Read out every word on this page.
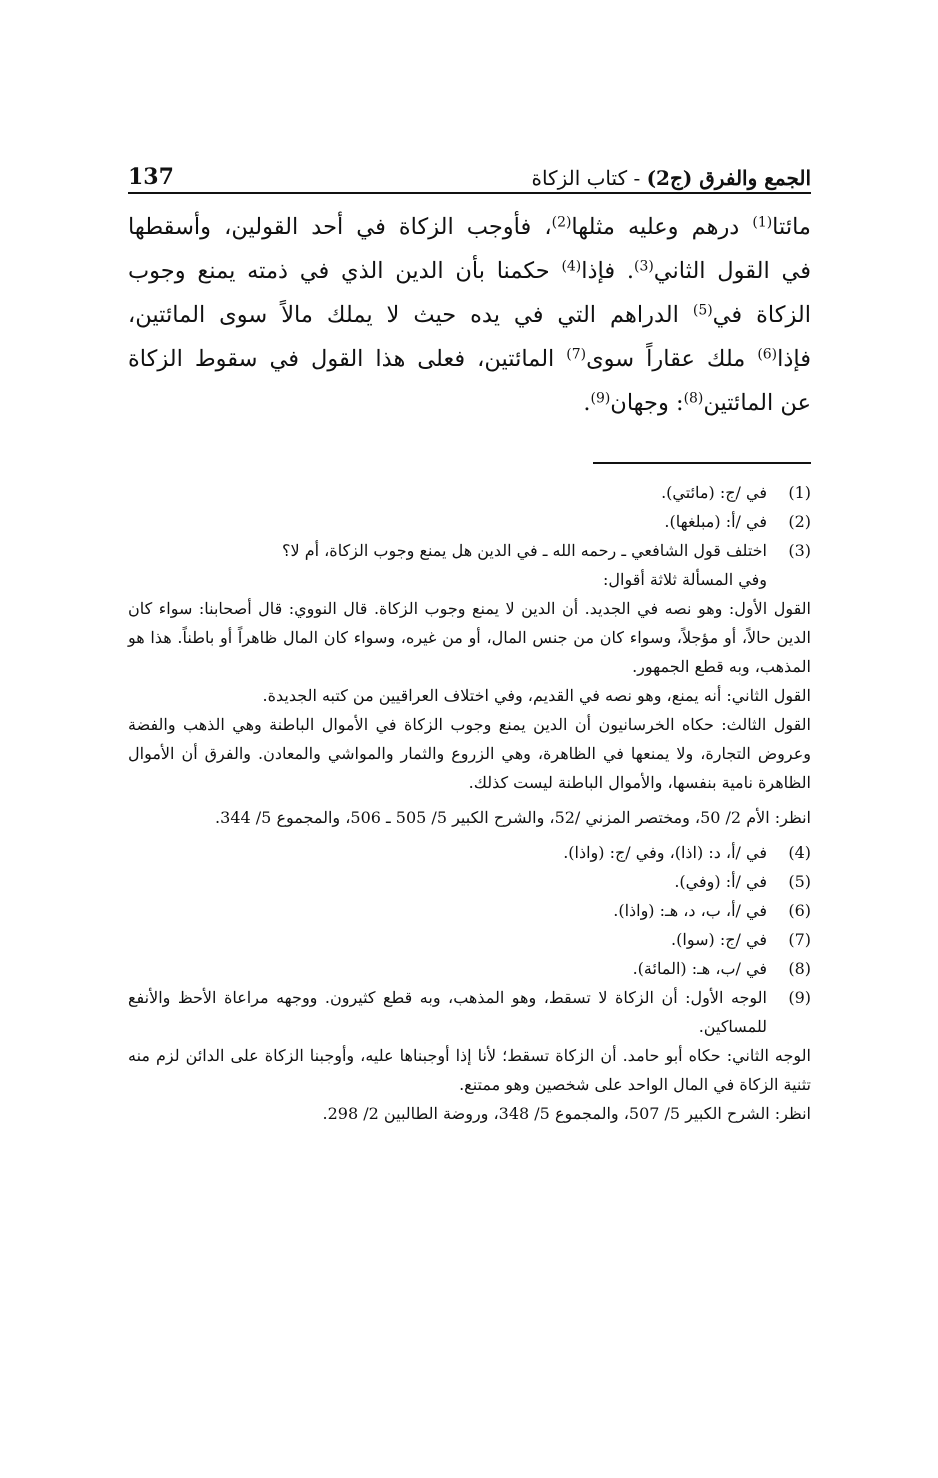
137	الجمع والفرق (ج2) - كتاب الزكاة
مائتا$^{(1)}$ درهم وعليه مثلها$^{(2)}$، فأوجب الزكاة في أحد القولين، وأسقطها
في القول الثاني$^{(3)}$. فإذا$^{(4)}$ حكمنا بأن الدين الذي في ذمته يمنع وجوب
الزكاة في$^{(5)}$ الدراهم التي في يده حيث لا يملك مالاً سوى المائتين،
فإذا$^{(6)}$ ملك عقاراً سوى$^{(7)}$ المائتين، فعلى هذا القول في سقوط الزكاة
عن المائتين$^{(8)}$: وجهان$^{(9)}$.
(1)
في /ج: (مائتي).
(2)
في /أ: (مبلغها).
(3)
اختلف قول الشافعي ـ رحمه الله ـ في الدين هل يمنع وجوب الزكاة، أم لا؟
وفي المسألة ثلاثة أقوال:
القول الأول: وهو نصه في الجديد. أن الدين لا يمنع وجوب الزكاة. قال النووي: قال أصحابنا: سواء كان الدين حالاً، أو مؤجلاً، وسواء كان من جنس المال، أو من غيره، وسواء كان المال ظاهراً أو باطناً. هذا هو المذهب، وبه قطع الجمهور.
القول الثاني: أنه يمنع، وهو نصه في القديم، وفي اختلاف العراقيين من كتبه الجديدة.
القول الثالث: حكاه الخرسانيون أن الدين يمنع وجوب الزكاة في الأموال الباطنة وهي الذهب والفضة وعروض التجارة، ولا يمنعها في الظاهرة، وهي الزروع والثمار والمواشي والمعادن. والفرق أن الأموال الظاهرة نامية بنفسها، والأموال الباطنة ليست كذلك.
انظر: الأم 2/ 50، ومختصر المزني /52، والشرح الكبير 5/ 505 ـ 506، والمجموع 5/ 344.
(4)
في /أ، د: (اذا)، وفي /ج: (واذا).
(5)
في /أ: (وفي).
(6)
في /أ، ب، د، هـ: (واذا).
(7)
في /ج: (سوا).
(8)
في /ب، هـ: (المائة).
(9)
الوجه الأول: أن الزكاة لا تسقط، وهو المذهب، وبه قطع كثيرون. ووجهه مراعاة الأحظ والأنفع للمساكين.
الوجه الثاني: حكاه أبو حامد. أن الزكاة تسقط؛ لأنا إذا أوجبناها عليه، وأوجبنا الزكاة على الدائن لزم منه تثنية الزكاة في المال الواحد على شخصين وهو ممتنع.
انظر: الشرح الكبير 5/ 507، والمجموع 5/ 348، وروضة الطالبين 2/ 298.
